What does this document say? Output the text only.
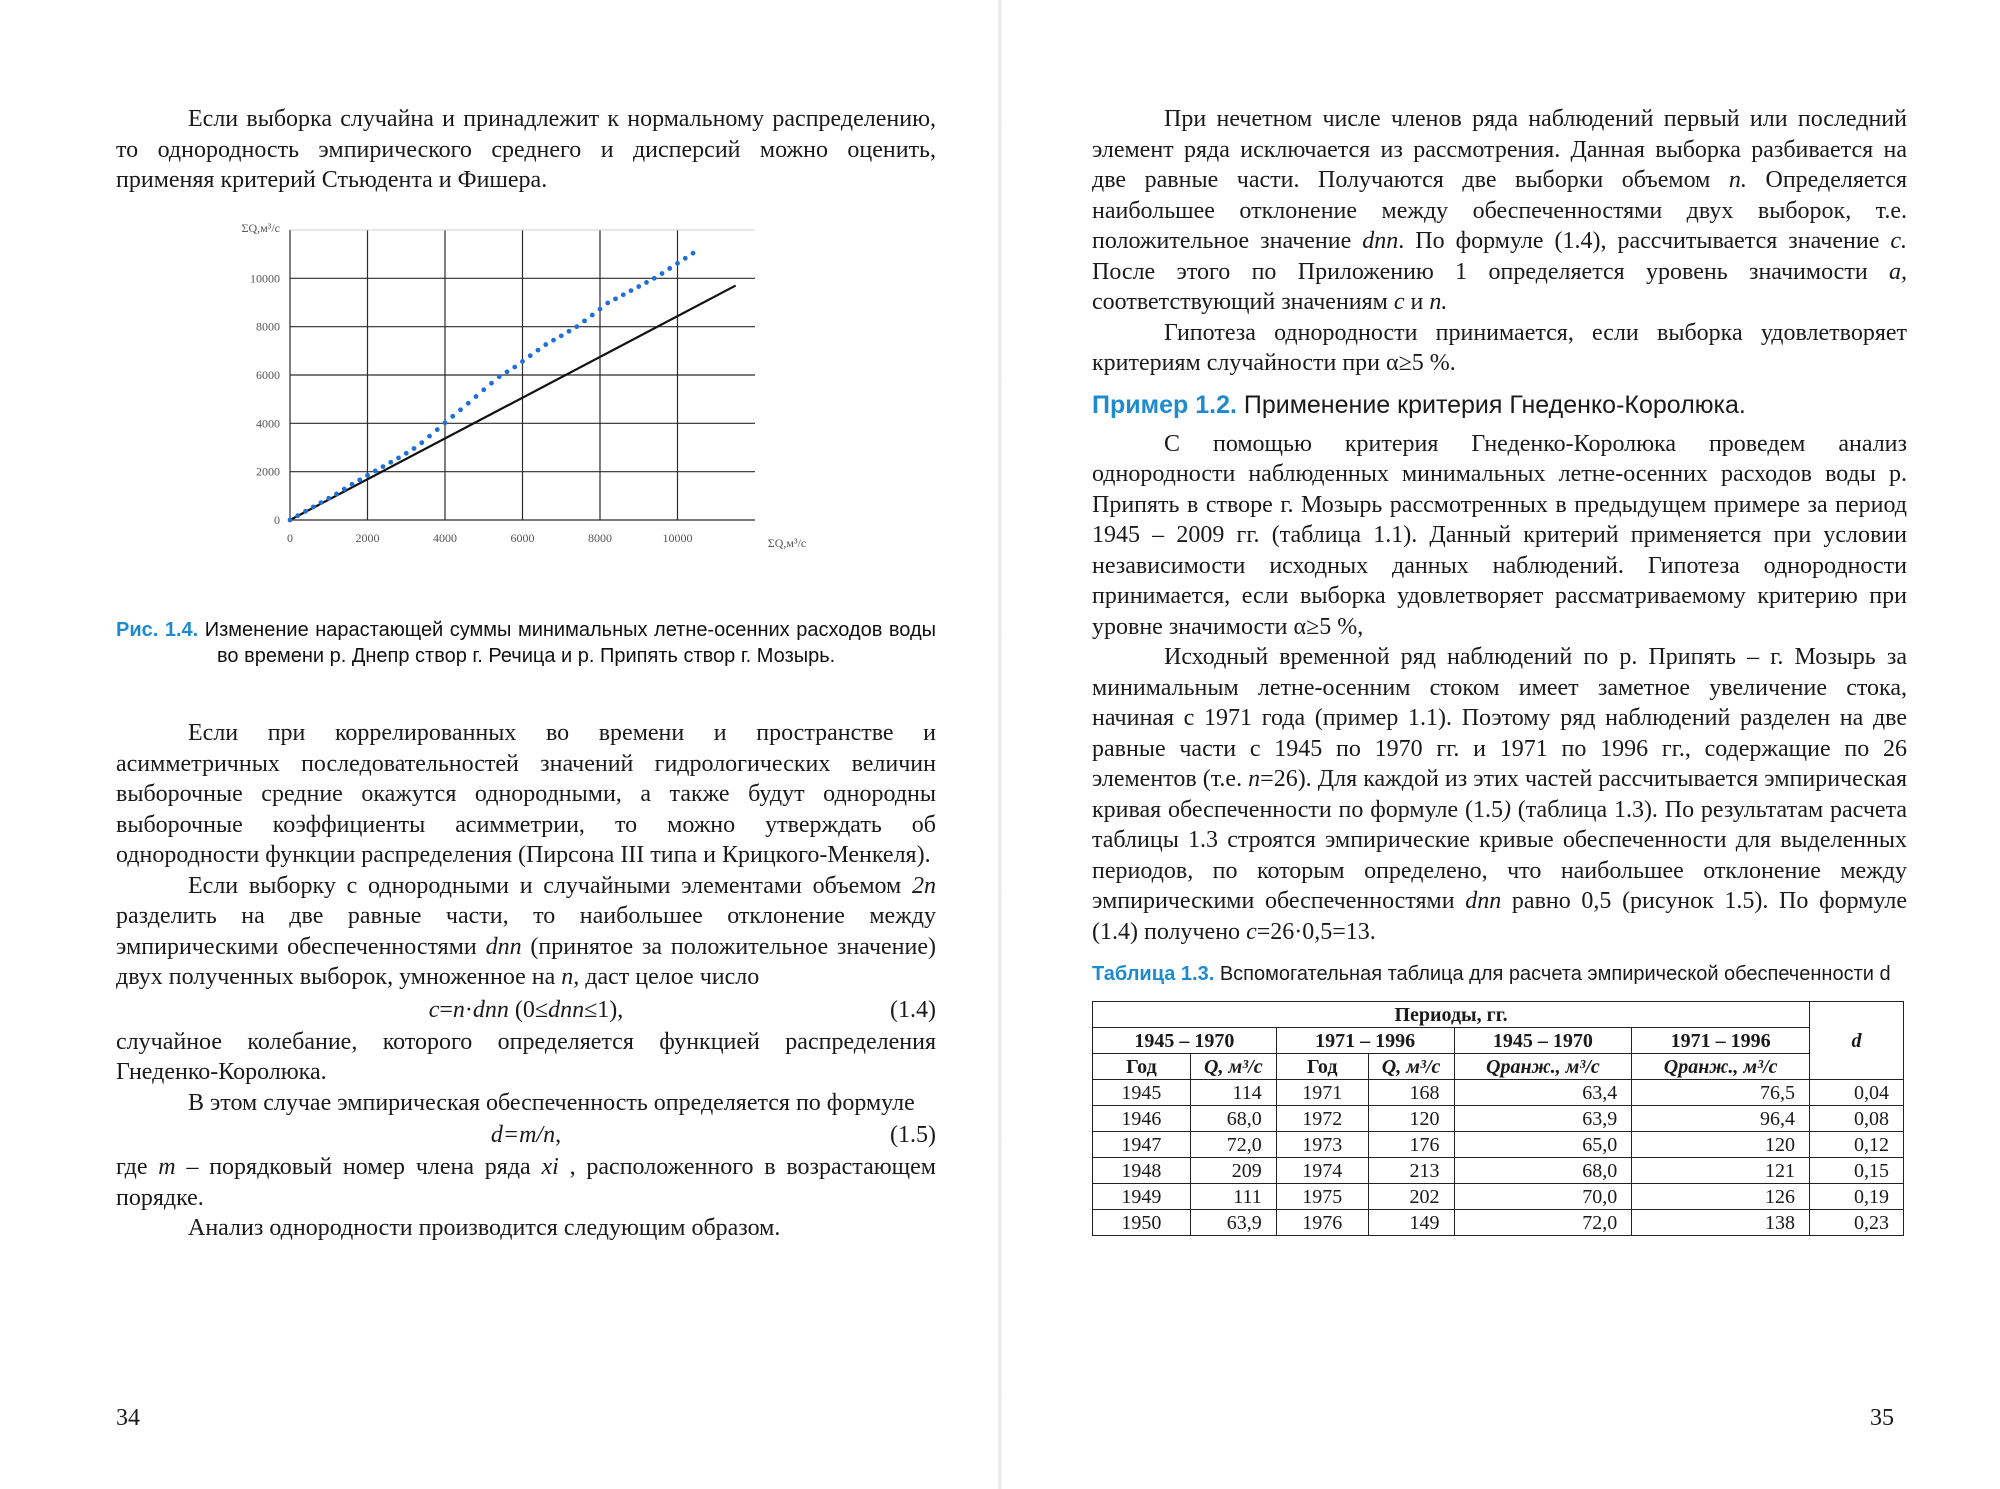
Если выборка случайна и принадлежит к нормальному распределению, то однородность эмпирического среднего и дисперсий можно оценить, применяя критерий Стьюдента и Фишера.

0	2000	4000	6000	8000	10000
0
2000
4000
6000
8000
10000
ΣQ,м³/с
ΣQ,м³/с
Рис. 1.4. Изменение нарастающей суммы минимальных летне-осенних расходов воды во времени р. Днепр створ г. Речица и р. Припять створ г. Мозырь.

Если при коррелированных во времени и пространстве и асимметричных последовательностей значений гидрологических величин выборочные средние окажутся однородными, а также будут однородны выборочные коэффициенты асимметрии, то можно утверждать об однородности функции распределения (Пирсона III типа и Крицкого-Менкеля).

Если выборку с однородными и случайными элементами объемом 2n разделить на две равные части, то наибольшее отклонение между эмпирическими обеспеченностями dnn (принятое за положительное значение) двух полученных выборок, умноженное на n, даст целое число

c=n·dnn (0≤dnn≤1),	(1.4)

случайное колебание, которого определяется функцией распределения Гнеденко-Королюка.

В этом случае эмпирическая обеспеченность определяется по формуле

d=m/n,	(1.5)

где m – порядковый номер члена ряда xi , расположенного в возрастающем порядке.

Анализ однородности производится следующим образом.

34

При нечетном числе членов ряда наблюдений первый или последний элемент ряда исключается из рассмотрения. Данная выборка разбивается на две равные части. Получаются две выборки объемом n. Определяется наибольшее отклонение между обеспеченностями двух выборок, т.е. положительное значение dnn. По формуле (1.4), рассчитывается значение c. После этого по Приложению 1 определяется уровень значимости a, соответствующий значениям c и n.

Гипотеза однородности принимается, если выборка удовлетворяет критериям случайности при α≥5 %.

Пример 1.2. Применение критерия Гнеденко-Королюка.

С помощью критерия Гнеденко-Королюка проведем анализ однородности наблюденных минимальных летне-осенних расходов воды р. Припять в створе г. Мозырь рассмотренных в предыдущем примере за период 1945 – 2009 гг. (таблица 1.1). Данный критерий применяется при условии независимости исходных данных наблюдений. Гипотеза однородности принимается, если выборка удовлетворяет рассматриваемому критерию при уровне значимости α≥5 %,

Исходный временной ряд наблюдений по р. Припять – г. Мозырь за минимальным летне-осенним стоком имеет заметное увеличение стока, начиная с 1971 года (пример 1.1). Поэтому ряд наблюдений разделен на две равные части с 1945 по 1970 гг. и 1971 по 1996 гг., содержащие по 26 элементов (т.е. n=26). Для каждой из этих частей рассчитывается эмпирическая кривая обеспеченности по формуле (1.5) (таблица 1.3). По результатам расчета таблицы 1.3 строятся эмпирические кривые обеспеченности для выделенных периодов, по которым определено, что наибольшее отклонение между эмпирическими обеспеченностями dnn равно 0,5 (рисунок 1.5). По формуле (1.4) получено c=26·0,5=13.

Таблица 1.3. Вспомогательная таблица для расчета эмпирической обеспеченности d
Периоды, гг.						d
1945 – 1970		1971 – 1996		1945 – 1970	1971 – 1996	
Год	Q, м³/с	Год	Q, м³/с	Qранж., м³/с	Qранж., м³/с	
1945	114	1971	168	63,4	76,5	0,04
1946	68,0	1972	120	63,9	96,4	0,08
1947	72,0	1973	176	65,0	120	0,12
1948	209	1974	213	68,0	121	0,15
1949	111	1975	202	70,0	126	0,19
1950	63,9	1976	149	72,0	138	0,23
35
